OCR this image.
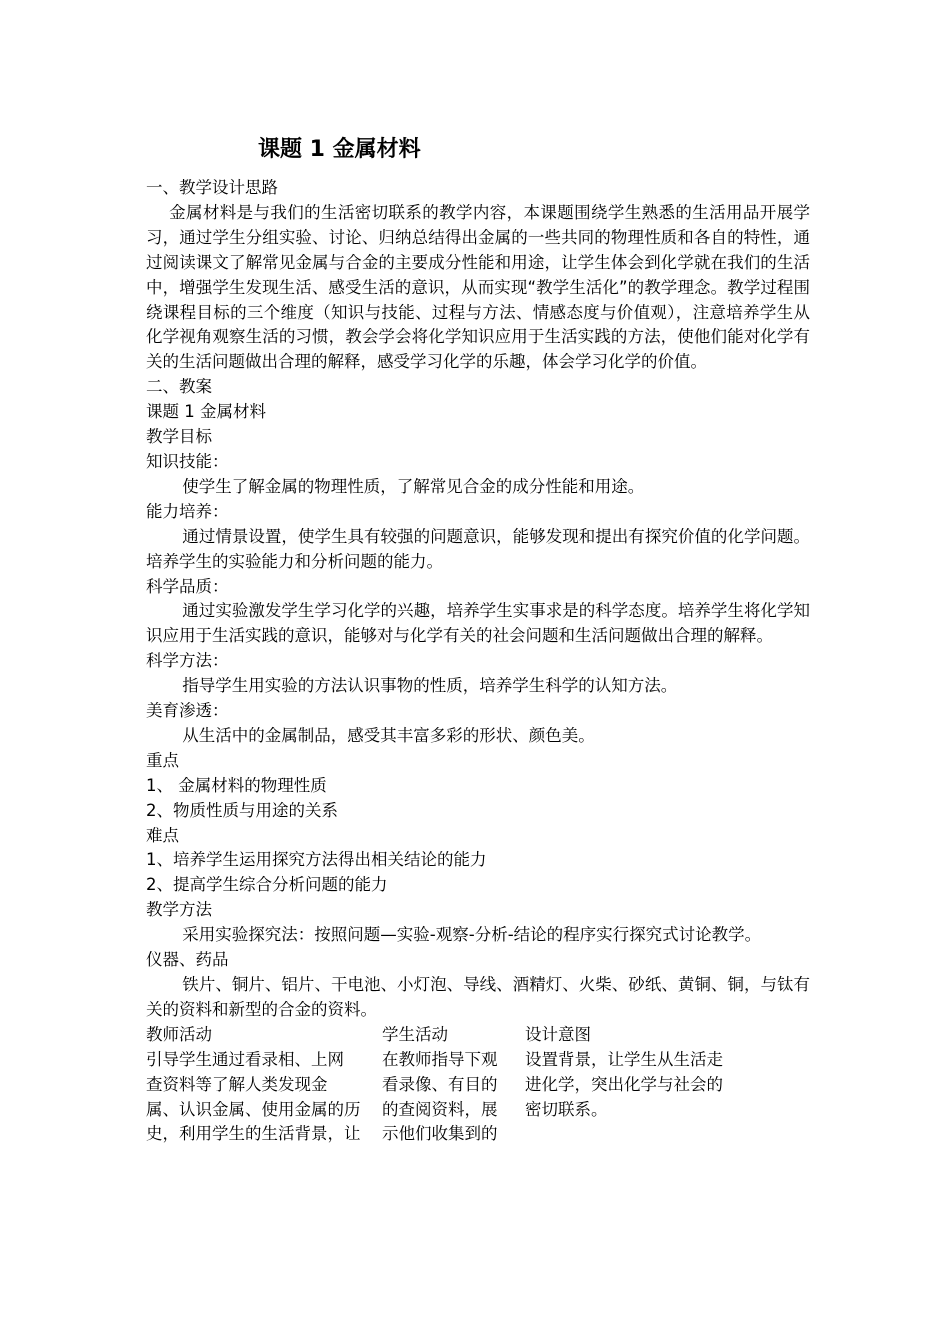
课题 1 金属材料

一、教学设计思路

金属材料是与我们的生活密切联系的教学内容，本课题围绕学生熟悉的生活用品开展学习，通过学生分组实验、讨论、归纳总结得出金属的一些共同的物理性质和各自的特性，通过阅读课文了解常见金属与合金的主要成分性能和用途，让学生体会到化学就在我们的生活中，增强学生发现生活、感受生活的意识，从而实现“教学生活化”的教学理念。教学过程围绕课程目标的三个维度（知识与技能、过程与方法、情感态度与价值观），注意培养学生从化学视角观察生活的习惯，教会学会将化学知识应用于生活实践的方法，使他们能对化学有关的生活问题做出合理的解释，感受学习化学的乐趣，体会学习化学的价值。

二、教案

课题 1 金属材料

教学目标

知识技能：

使学生了解金属的物理性质，了解常见合金的成分性能和用途。

能力培养：

通过情景设置，使学生具有较强的问题意识，能够发现和提出有探究价值的化学问题。培养学生的实验能力和分析问题的能力。

科学品质：

通过实验激发学生学习化学的兴趣，培养学生实事求是的科学态度。培养学生将化学知识应用于生活实践的意识，能够对与化学有关的社会问题和生活问题做出合理的解释。

科学方法：

指导学生用实验的方法认识事物的性质，培养学生科学的认知方法。

美育渗透：

从生活中的金属制品，感受其丰富多彩的形状、颜色美。

重点

1、 金属材料的物理性质

2、物质性质与用途的关系

难点

1、培养学生运用探究方法得出相关结论的能力

2、提高学生综合分析问题的能力

教学方法

采用实验探究法：按照问题—实验-观察-分析-结论的程序实行探究式讨论教学。

仪器、药品

铁片、铜片、铝片、干电池、小灯泡、导线、酒精灯、火柴、砂纸、黄铜、铜，与钛有关的资料和新型的合金的资料。

教师活动	学生活动	设计意图
引导学生通过看录相、上网
查资料等了解人类发现金
属、认识金属、使用金属的历
史，利用学生的生活背景，让
在教师指导下观
看录像、有目的
的查阅资料，展
示他们收集到的
设置背景，让学生从生活走
进化学，突出化学与社会的
密切联系。
